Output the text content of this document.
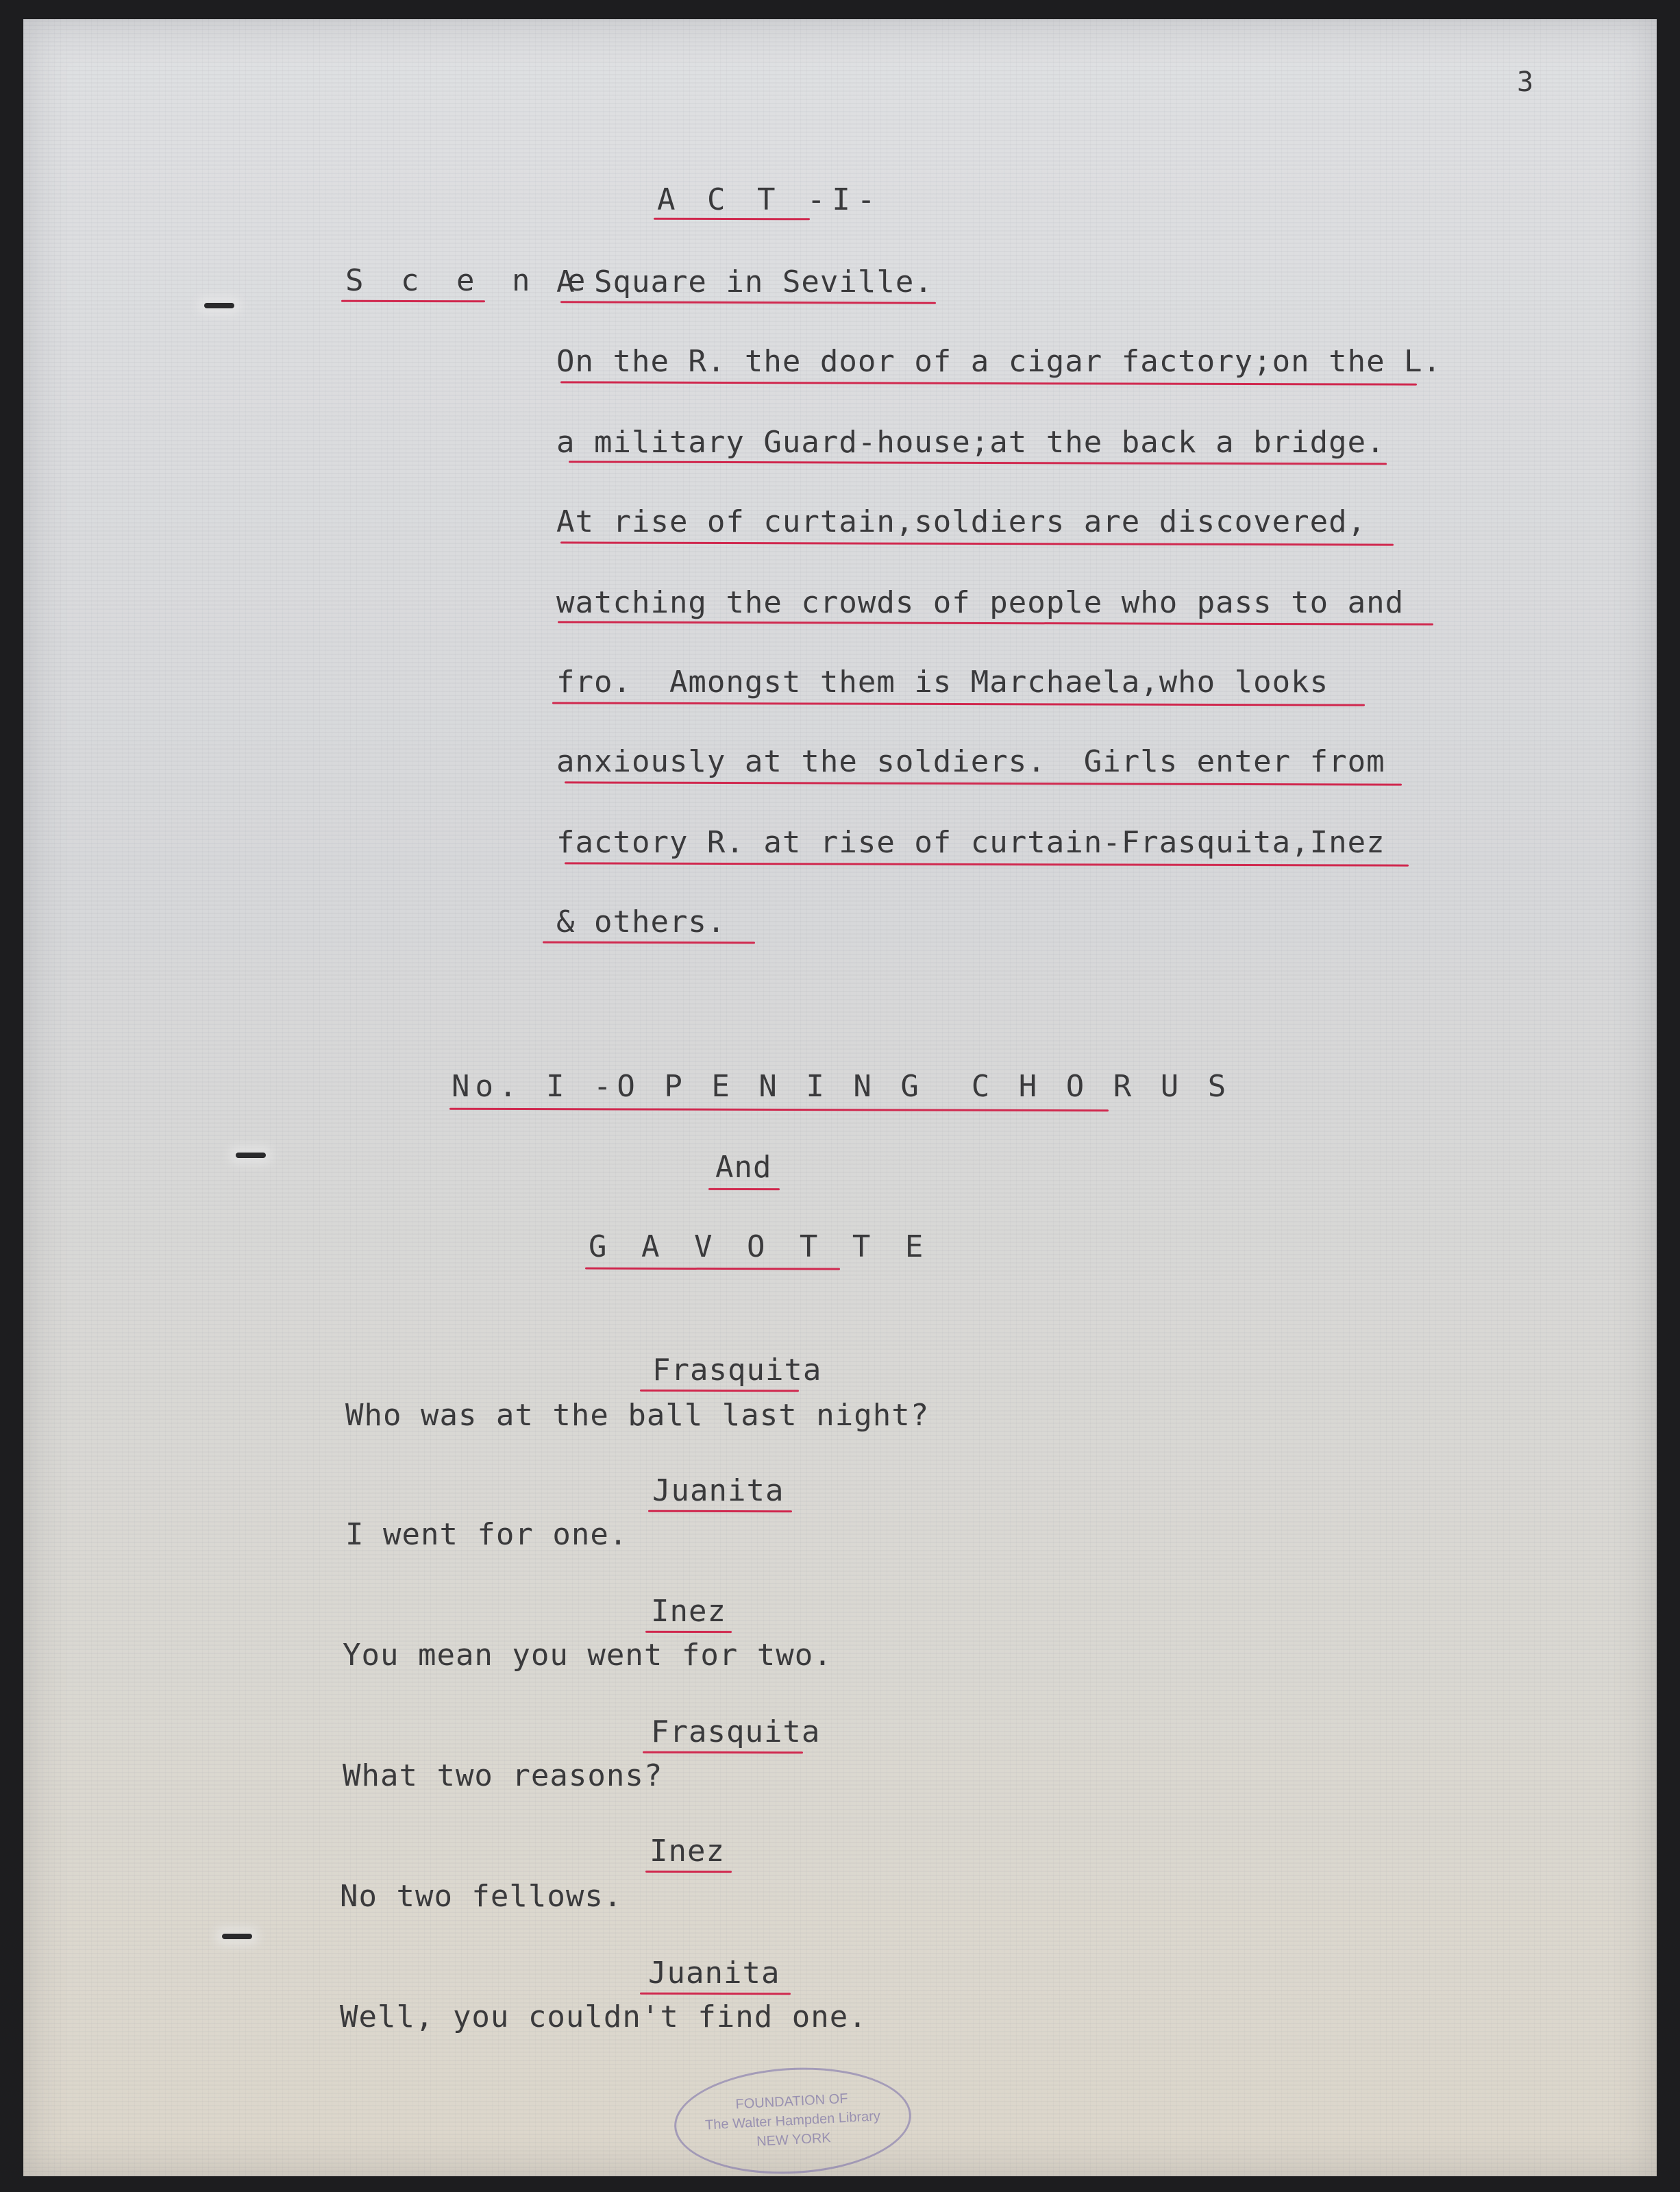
3
A C T -I-
S c e n e
A Square in Seville.
On the R. the door of a cigar factory;on the L.
a military Guard-house;at the back a bridge.
At rise of curtain,soldiers are discovered,
watching the crowds of people who pass to and
fro.  Amongst them is Marchaela,who looks
anxiously at the soldiers.  Girls enter from
factory R. at rise of curtain-Frasquita,Inez
& others.
No. I -O P E N I N G  C H O R U S
And
G A V O T T E
Frasquita
Who was at the ball last night?
Juanita
I went for one.
Inez
You mean you went for two.
Frasquita
What two reasons?
Inez
No two fellows.
Juanita
Well, you couldn't find one.
FOUNDATION OF
The Walter Hampden Library
NEW YORK
